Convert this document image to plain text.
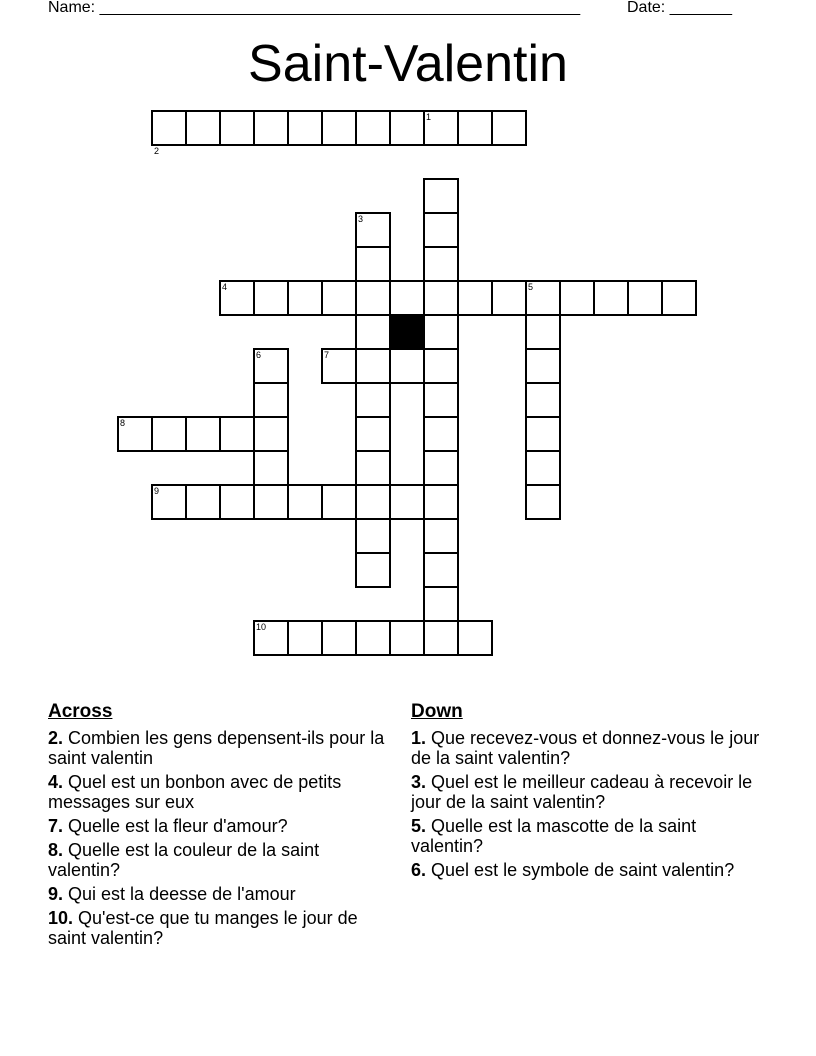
Name: ______________________________________________________	Date: _______
Saint-Valentin
1
2
3
4	5
6	7
8
9
10
Across
2. Combien les gens depensent-ils pour la saint valentin
4. Quel est un bonbon avec de petits messages sur eux
7. Quelle est la fleur d'amour?
8. Quelle est la couleur de la saint valentin?
9. Qui est la deesse de l'amour
10. Qu'est-ce que tu manges le jour de saint valentin?
Down
1. Que recevez-vous et donnez-vous le jour de la saint valentin?
3. Quel est le meilleur cadeau à recevoir le jour de la saint valentin?
5. Quelle est la mascotte de la saint valentin?
6. Quel est le symbole de saint valentin?
